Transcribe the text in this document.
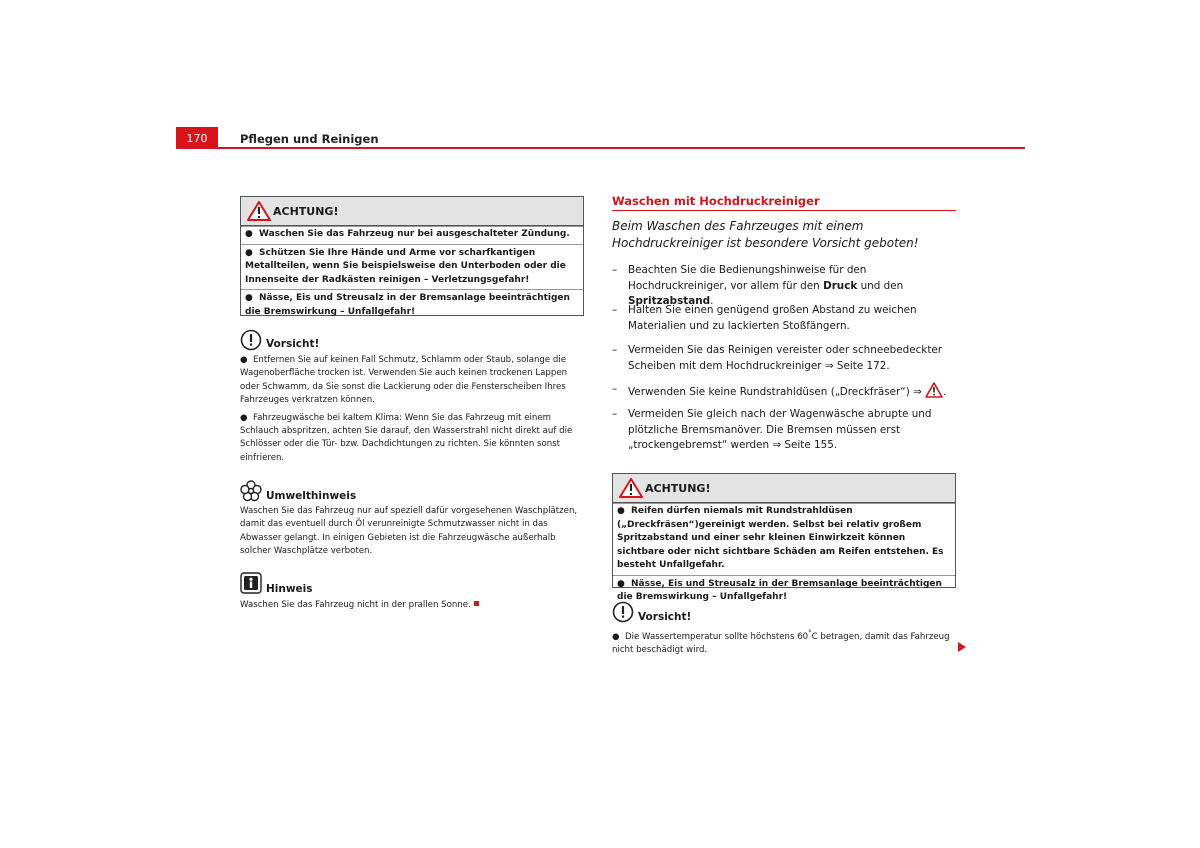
170	Pflegen und Reinigen
ACHTUNG!
● Waschen Sie das Fahrzeug nur bei ausgeschalteter Zündung.
● Schützen Sie Ihre Hände und Arme vor scharfkantigen Metallteilen, wenn Sie beispielsweise den Unterboden oder die Innenseite der Radkästen reinigen – Verletzungsgefahr!
● Nässe, Eis und Streusalz in der Bremsanlage beeinträchtigen die Bremswirkung – Unfallgefahr!
Vorsicht!
●  Entfernen Sie auf keinen Fall Schmutz, Schlamm oder Staub, solange die Wagenoberfläche trocken ist. Verwenden Sie auch keinen trockenen Lappen oder Schwamm, da Sie sonst die Lackierung oder die Fensterscheiben Ihres Fahrzeuges verkratzen können.
●  Fahrzeugwäsche bei kaltem Klima: Wenn Sie das Fahrzeug mit einem Schlauch abspritzen, achten Sie darauf, den Wasserstrahl nicht direkt auf die Schlösser oder die Tür- bzw. Dachdichtungen zu richten. Sie könnten sonst einfrieren.
Umwelthinweis
Waschen Sie das Fahrzeug nur auf speziell dafür vorgesehenen Waschplätzen, damit das eventuell durch Öl verunreinigte Schmutzwasser nicht in das Abwasser gelangt. In einigen Gebieten ist die Fahrzeugwäsche außerhalb solcher Waschplätze verboten.
Hinweis
Waschen Sie das Fahrzeug nicht in der prallen Sonne.
Waschen mit Hochdruckreiniger
Beim Waschen des Fahrzeuges mit einem Hochdruckreiniger ist besondere Vorsicht geboten!
– Beachten Sie die Bedienungshinweise für den Hochdruckreiniger, vor allem für den Druck und den Spritzabstand.
– Halten Sie einen genügend großen Abstand zu weichen Materialien und zu lackierten Stoßfängern.
– Vermeiden Sie das Reinigen vereister oder schneebedeckter Scheiben mit dem Hochdruckreiniger ⇒ Seite 172.
– Verwenden Sie keine Rundstrahldüsen („Dreckfräser“) ⇒ .
– Vermeiden Sie gleich nach der Wagenwäsche abrupte und plötzliche Bremsmanöver. Die Bremsen müssen erst „trockengebremst“ werden ⇒ Seite 155.
ACHTUNG!
● Reifen dürfen niemals mit Rundstrahldüsen („Dreckfräsen“)gereinigt werden. Selbst bei relativ großem Spritzabstand und einer sehr kleinen Einwirkzeit können sichtbare oder nicht sichtbare Schäden am Reifen entstehen. Es besteht Unfallgefahr.
● Nässe, Eis und Streusalz in der Bremsanlage beeinträchtigen die Bremswirkung – Unfallgefahr!
Vorsicht!
●  Die Wassertemperatur sollte höchstens 60°C betragen, damit das Fahrzeug nicht beschädigt wird.
